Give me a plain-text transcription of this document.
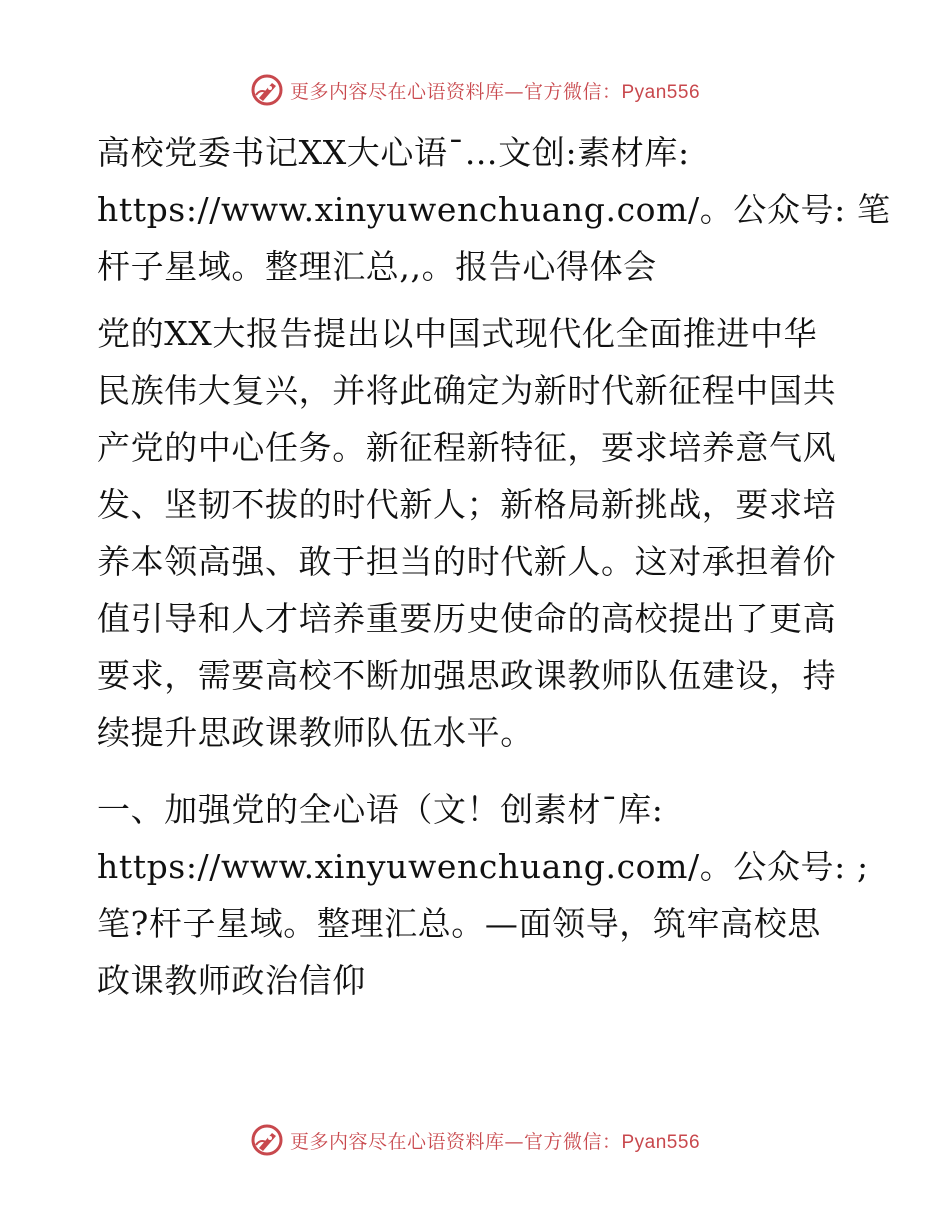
更多内容尽在心语资料库—官方微信：Pyan556

高校党委书记XX大心语¯…文创:素材库:
https://www.xinyuwenchuang.com/。公众号: 笔
杆子星域。整理汇总,,。报告心得体会

党的XX大报告提出以中国式现代化全面推进中华
民族伟大复兴，并将此确定为新时代新征程中国共
产党的中心任务。新征程新特征，要求培养意气风
发、坚韧不拔的时代新人；新格局新挑战，要求培
养本领高强、敢于担当的时代新人。这对承担着价
值引导和人才培养重要历史使命的高校提出了更高
要求，需要高校不断加强思政课教师队伍建设，持
续提升思政课教师队伍水平。

一、加强党的全心语（文！创素材¯库:
https://www.xinyuwenchuang.com/。公众号: ;
笔?杆子星域。整理汇总。—面领导，筑牢高校思
政课教师政治信仰

更多内容尽在心语资料库—官方微信：Pyan556
